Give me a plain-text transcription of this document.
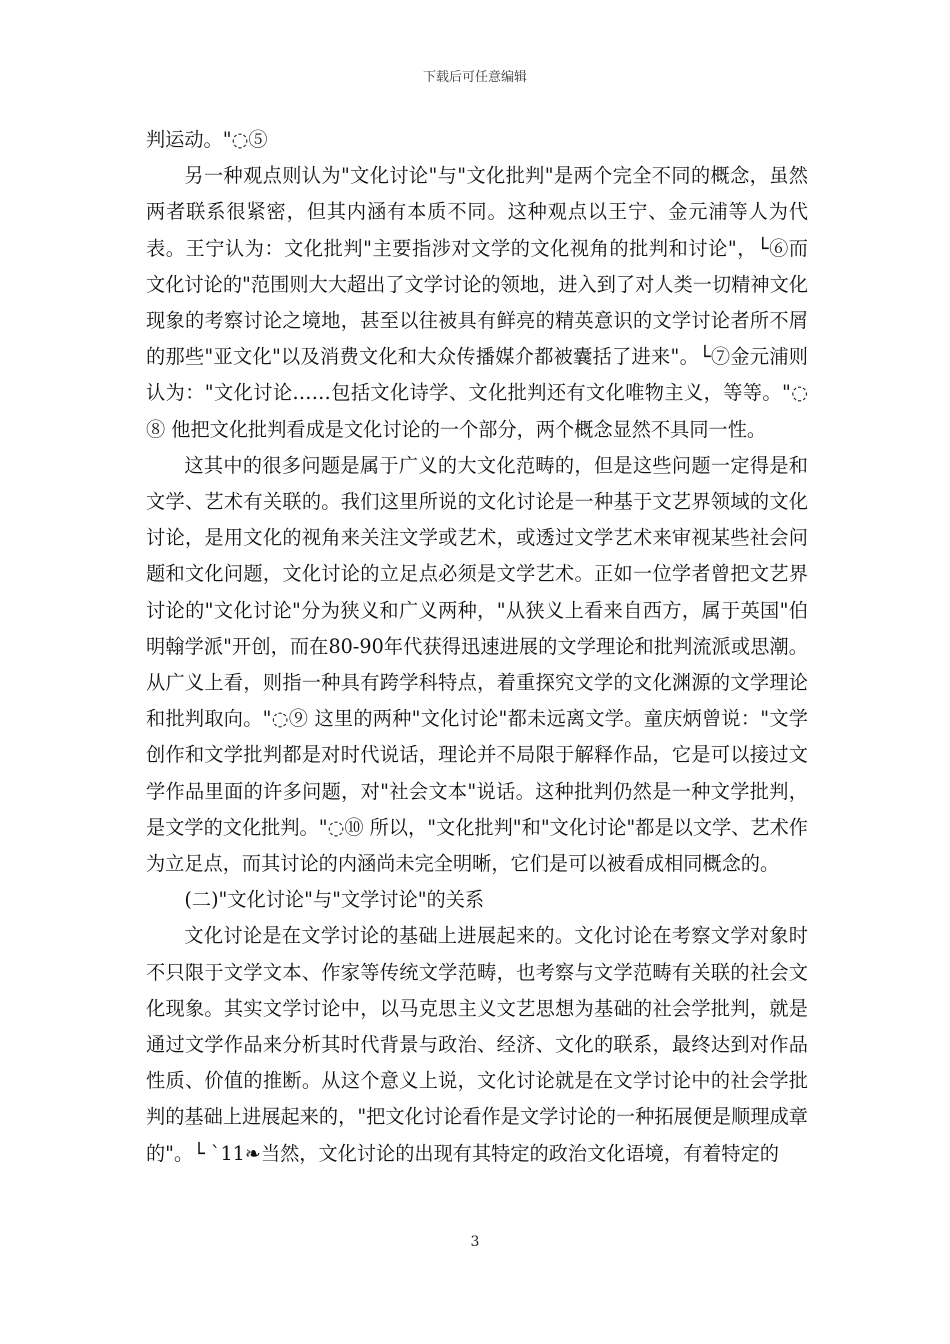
下载后可任意编辑

判运动。"◌⑤

另一种观点则认为"文化讨论"与"文化批判"是两个完全不同的概念，虽然两者联系很紧密，但其内涵有本质不同。这种观点以王宁、金元浦等人为代表。王宁认为：文化批判"主要指涉对文学的文化视角的批判和讨论"，└⑥而文化讨论的"范围则大大超出了文学讨论的领地，进入到了对人类一切精神文化现象的考察讨论之境地，甚至以往被具有鲜亮的精英意识的文学讨论者所不屑的那些"亚文化"以及消费文化和大众传播媒介都被囊括了进来"。└⑦金元浦则认为："文化讨论……包括文化诗学、文化批判还有文化唯物主义，等等。"◌⑧ 他把文化批判看成是文化讨论的一个部分，两个概念显然不具同一性。

这其中的很多问题是属于广义的大文化范畴的，但是这些问题一定得是和文学、艺术有关联的。我们这里所说的文化讨论是一种基于文艺界领域的文化讨论，是用文化的视角来关注文学或艺术，或透过文学艺术来审视某些社会问题和文化问题，文化讨论的立足点必须是文学艺术。正如一位学者曾把文艺界讨论的"文化讨论"分为狭义和广义两种，"从狭义上看来自西方，属于英国"伯明翰学派"开创，而在80-90年代获得迅速进展的文学理论和批判流派或思潮。从广义上看，则指一种具有跨学科特点，着重探究文学的文化渊源的文学理论和批判取向。"◌⑨ 这里的两种"文化讨论"都未远离文学。童庆炳曾说："文学创作和文学批判都是对时代说话，理论并不局限于解释作品，它是可以接过文学作品里面的许多问题，对"社会文本"说话。这种批判仍然是一种文学批判，是文学的文化批判。"◌⑩ 所以，"文化批判"和"文化讨论"都是以文学、艺术作为立足点，而其讨论的内涵尚未完全明晰，它们是可以被看成相同概念的。

(二)"文化讨论"与"文学讨论"的关系

文化讨论是在文学讨论的基础上进展起来的。文化讨论在考察文学对象时不只限于文学文本、作家等传统文学范畴，也考察与文学范畴有关联的社会文化现象。其实文学讨论中，以马克思主义文艺思想为基础的社会学批判，就是通过文学作品来分析其时代背景与政治、经济、文化的联系，最终达到对作品性质、价值的推断。从这个意义上说，文化讨论就是在文学讨论中的社会学批判的基础上进展起来的，"把文化讨论看作是文学讨论的一种拓展便是顺理成章的"。└ `11❧当然，文化讨论的出现有其特定的政治文化语境，有着特定的

3
